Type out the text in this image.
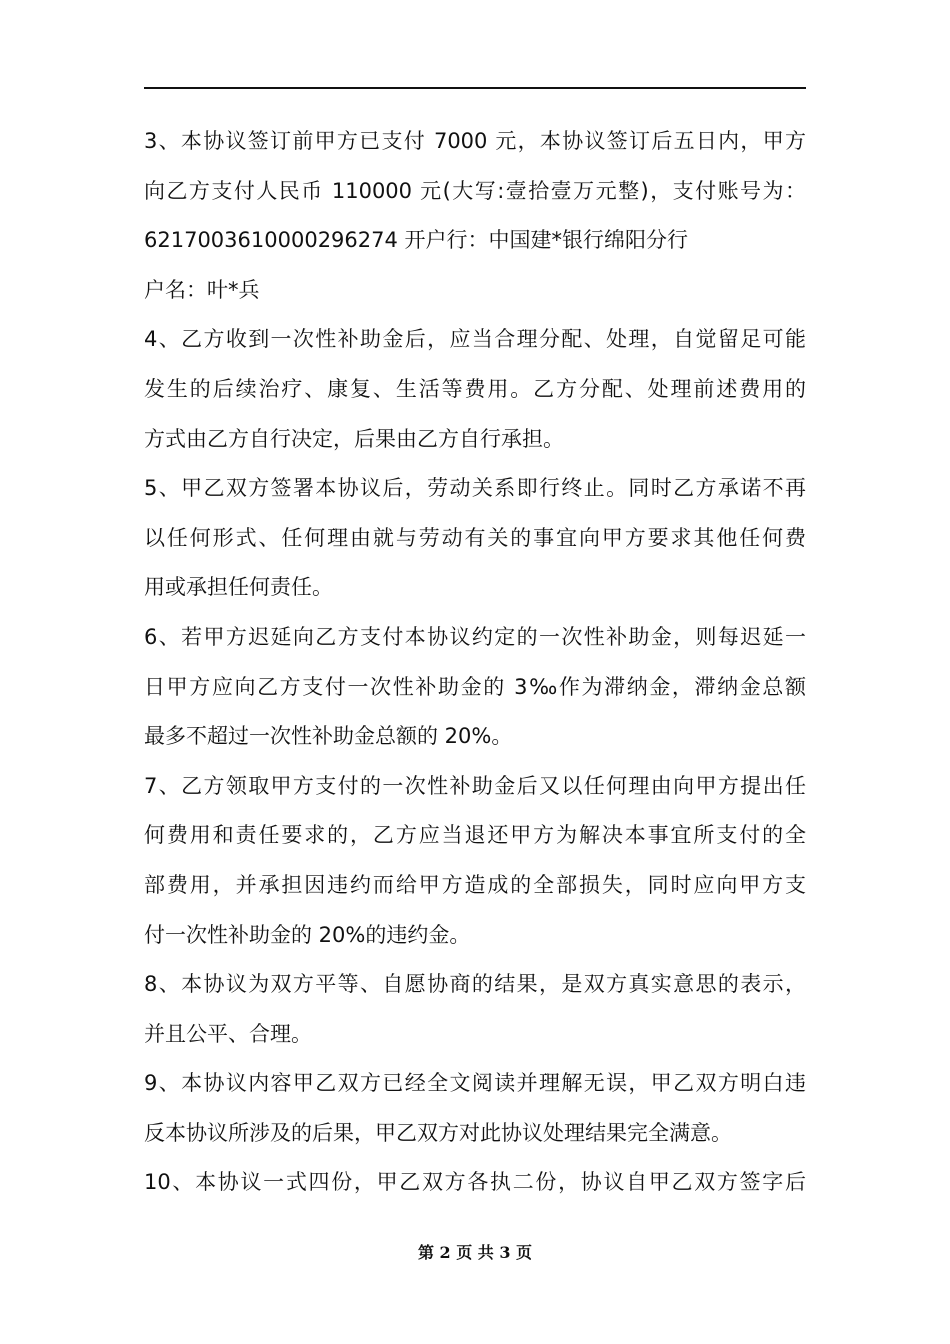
3、本协议签订前甲方已支付 7000 元，本协议签订后五日内，甲方
向乙方支付人民币 110000 元(大写:壹拾壹万元整)，支付账号为：
6217003610000296274 开户行：中国建*银行绵阳分行
户名：叶*兵
4、乙方收到一次性补助金后，应当合理分配、处理，自觉留足可能
发生的后续治疗、康复、生活等费用。乙方分配、处理前述费用的
方式由乙方自行决定，后果由乙方自行承担。
5、甲乙双方签署本协议后，劳动关系即行终止。同时乙方承诺不再
以任何形式、任何理由就与劳动有关的事宜向甲方要求其他任何费
用或承担任何责任。
6、若甲方迟延向乙方支付本协议约定的一次性补助金，则每迟延一
日甲方应向乙方支付一次性补助金的 3‰作为滞纳金，滞纳金总额
最多不超过一次性补助金总额的 20%。
7、乙方领取甲方支付的一次性补助金后又以任何理由向甲方提出任
何费用和责任要求的，乙方应当退还甲方为解决本事宜所支付的全
部费用，并承担因违约而给甲方造成的全部损失，同时应向甲方支
付一次性补助金的 20%的违约金。
8、本协议为双方平等、自愿协商的结果，是双方真实意思的表示，
并且公平、合理。
9、本协议内容甲乙双方已经全文阅读并理解无误，甲乙双方明白违
反本协议所涉及的后果，甲乙双方对此协议处理结果完全满意。
10、本协议一式四份，甲乙双方各执二份，协议自甲乙双方签字后
第 2 页 共 3 页
